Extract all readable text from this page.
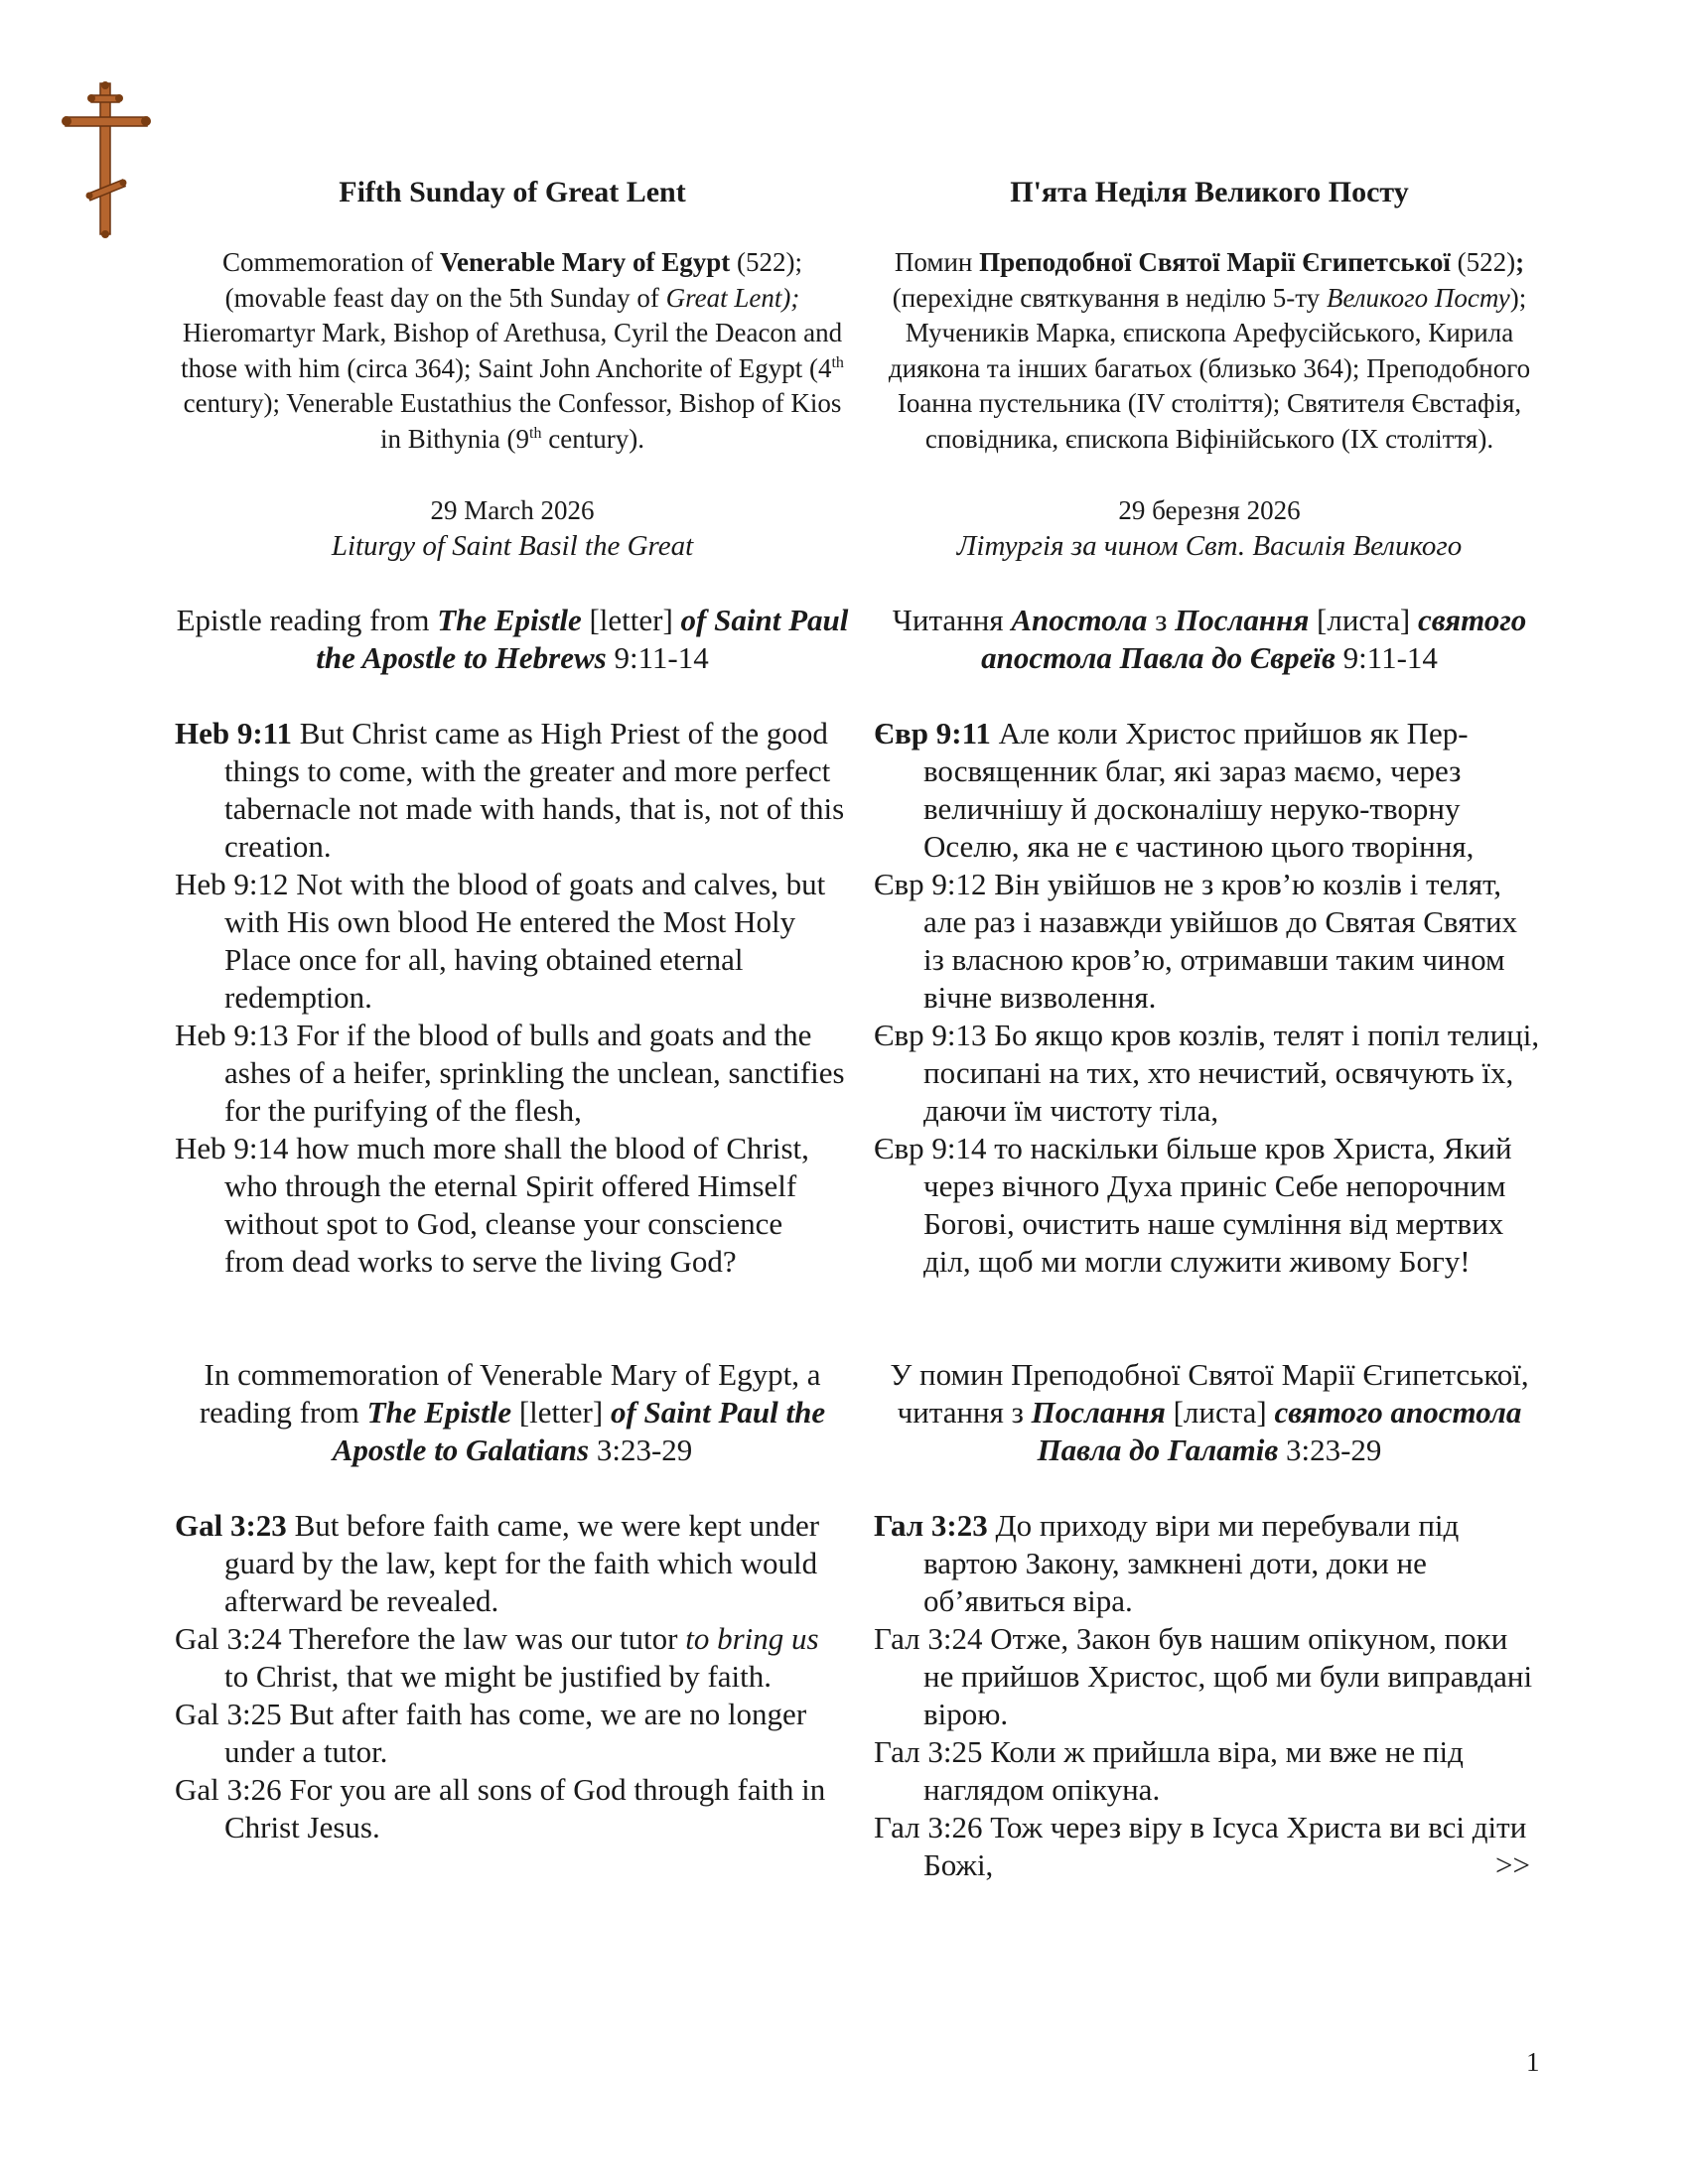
Fifth Sunday of Great Lent

Commemoration of Venerable Mary of Egypt (522); (movable feast day on the 5th Sunday of Great Lent); Hieromartyr Mark, Bishop of Arethusa, Cyril the Deacon and those with him (circa 364); Saint John Anchorite of Egypt (4th century); Venerable Eustathius the Confessor, Bishop of Kios in Bithynia (9th century).

29 March 2026

Liturgy of Saint Basil the Great

Epistle reading from The Epistle [letter] of Saint Paul the Apostle to Hebrews 9:11-14

Heb 9:11 But Christ came as High Priest of the good things to come, with the greater and more perfect tabernacle not made with hands, that is, not of this creation.

Heb 9:12 Not with the blood of goats and calves, but with His own blood He entered the Most Holy Place once for all, having obtained eternal redemption.

Heb 9:13 For if the blood of bulls and goats and the ashes of a heifer, sprinkling the unclean, sanctifies for the purifying of the flesh,

Heb 9:14 how much more shall the blood of Christ, who through the eternal Spirit offered Himself without spot to God, cleanse your conscience from dead works to serve the living God?

In commemoration of Venerable Mary of Egypt, a reading from The Epistle [letter] of Saint Paul the Apostle to Galatians 3:23-29

Gal 3:23 But before faith came, we were kept under guard by the law, kept for the faith which would afterward be revealed.

Gal 3:24 Therefore the law was our tutor to bring us to Christ, that we might be justified by faith.

Gal 3:25 But after faith has come, we are no longer under a tutor.

Gal 3:26 For you are all sons of God through faith in Christ Jesus.

П'ята Неділя Великого Посту

Помин Преподобної Святої Марії Єгипетської (522); (перехідне святкування в неділю 5-ту Великого Посту); Мучеників Марка, єпископа Арефусійського, Кирила диякона та інших багатьох (близько 364); Преподобного Іоанна пустельника (IV століття); Святителя Євстафія, сповідника, єпископа Віфінійського (IX століття).

29 березня 2026

Літургія за чином Свт. Василія Великого

Читання Апостола з Послання [листа] святого апостола Павла до Євреїв 9:11-14

Євр 9:11 Але коли Христос прийшов як Пер-восвященник благ, які зараз маємо, через величнішу й досконалішу неруко-творну Оселю, яка не є частиною цього творіння,

Євр 9:12 Він увійшов не з кров’ю козлів і телят, але раз і назавжди увійшов до Святая Святих із власною кров’ю, отримавши таким чином вічне визволення.

Євр 9:13 Бо якщо кров козлів, телят і попіл телиці, посипані на тих, хто нечистий, освячують їх, даючи їм чистоту тіла,

Євр 9:14 то наскільки більше кров Христа, Який через вічного Духа приніс Себе непорочним Богові, очистить наше сумління від мертвих діл, щоб ми могли служити живому Богу!

У помин Преподобної Святої Марії Єгипетської, читання з Послання [листа] святого апостола Павла до Галатів 3:23-29

Гал 3:23 До приходу віри ми перебували під вартою Закону, замкнені доти, доки не об’явиться віра.

Гал 3:24 Отже, Закон був нашим опікуном, поки не прийшов Христос, щоб ми були виправдані вірою.

Гал 3:25 Коли ж прийшла віра, ми вже не під наглядом опікуна.

Гал 3:26 Тож через віру в Ісуса Христа ви всі діти Божі,	>>

1
